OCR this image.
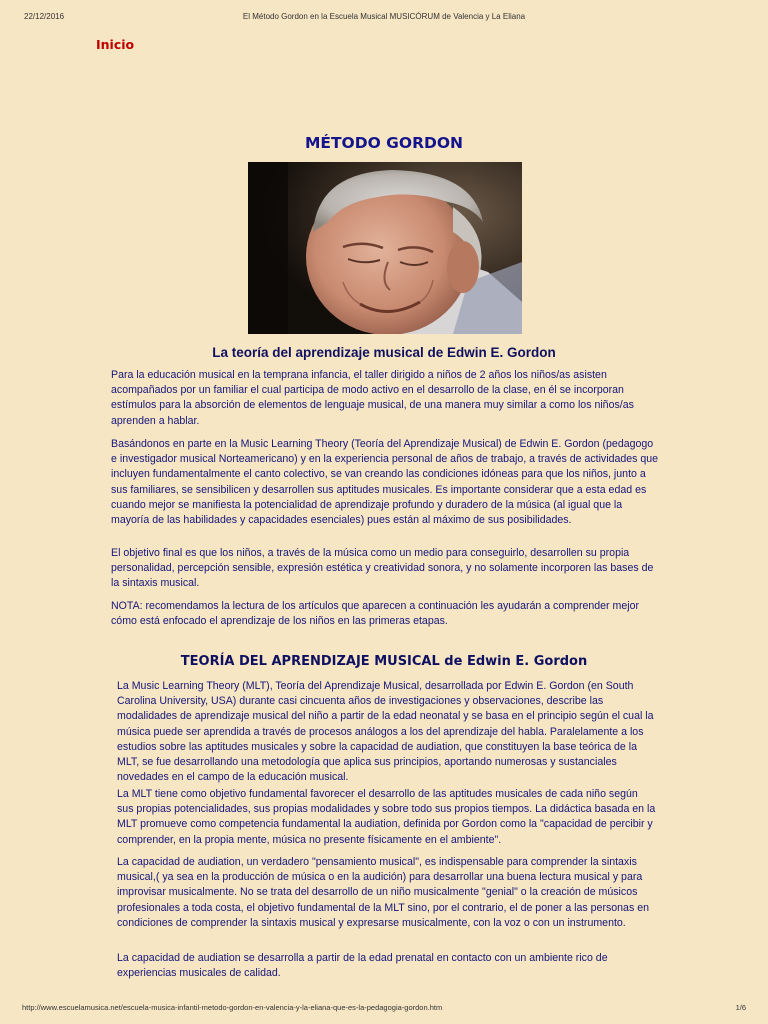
22/12/2016	El Método Gordon en la Escuela Musical MUSICÓRUM de Valencia y La Eliana
Inicio
MÉTODO GORDON
La teoría del aprendizaje musical de Edwin E. Gordon

Para la educación musical en la temprana infancia, el taller dirigido a niños de 2 años los niños/as asisten acompañados por un familiar el cual participa de modo activo en el desarrollo de la clase, en él se incorporan estímulos para la absorción de elementos de lenguaje musical, de una manera muy similar a como los niños/as aprenden a hablar.

Basándonos en parte en la Music Learning Theory (Teoría del Aprendizaje Musical) de Edwin E. Gordon (pedagogo e investigador musical Norteamericano) y en la experiencia personal de años de trabajo, a través de actividades que incluyen fundamentalmente el canto colectivo, se van creando las condiciones idóneas para que los niños, junto a sus familiares, se sensibilicen y desarrollen sus aptitudes musicales. Es importante considerar que a esta edad es cuando mejor se manifiesta la potencialidad de aprendizaje profundo y duradero de la música (al igual que la mayoría de las habilidades y capacidades esenciales) pues están al máximo de sus posibilidades.

El objetivo final es que los niños, a través de la música como un medio para conseguirlo, desarrollen su propia personalidad, percepción sensible, expresión estética y creatividad sonora, y no solamente incorporen las bases de la sintaxis musical.

NOTA: recomendamos la lectura de los artículos que aparecen a continuación les ayudarán a comprender mejor cómo está enfocado el aprendizaje de los niños en las primeras etapas.

TEORÍA DEL APRENDIZAJE MUSICAL de Edwin E. Gordon

La Music Learning Theory (MLT), Teoría del Aprendizaje Musical, desarrollada por Edwin E. Gordon (en South Carolina University, USA) durante casi cincuenta años de investigaciones y observaciones, describe las modalidades de aprendizaje musical del niño a partir de la edad neonatal y se basa en el principio según el cual la música puede ser aprendida a través de procesos análogos a los del aprendizaje del habla. Paralelamente a los estudios sobre las aptitudes musicales y sobre la capacidad de audiation, que constituyen la base teórica de la MLT, se fue desarrollando una metodología que aplica sus principios, aportando numerosas y sustanciales novedades en el campo de la educación musical.

La MLT tiene como objetivo fundamental favorecer el desarrollo de las aptitudes musicales de cada niño según sus propias potencialidades, sus propias modalidades y sobre todo sus propios tiempos. La didáctica basada en la MLT promueve como competencia fundamental la audiation, definida por Gordon como la "capacidad de percibir y comprender, en la propia mente, música no presente físicamente en el ambiente".

La capacidad de audiation, un verdadero "pensamiento musical", es indispensable para comprender la sintaxis musical,( ya sea en la producción de música o en la audición) para desarrollar una buena lectura musical y para improvisar musicalmente. No se trata del desarrollo de un niño musicalmente "genial" o la creación de músicos profesionales a toda costa, el objetivo fundamental de la MLT sino, por el contrario, el de poner a las personas en condiciones de comprender la sintaxis musical y expresarse musicalmente, con la voz o con un instrumento.

La capacidad de audiation se desarrolla a partir de la edad prenatal en contacto con un ambiente rico de experiencias musicales de calidad.

http://www.escuelamusica.net/escuela-musica-infantil-metodo-gordon-en-valencia-y-la-eliana-que-es-la-pedagogia-gordon.htm	1/6
